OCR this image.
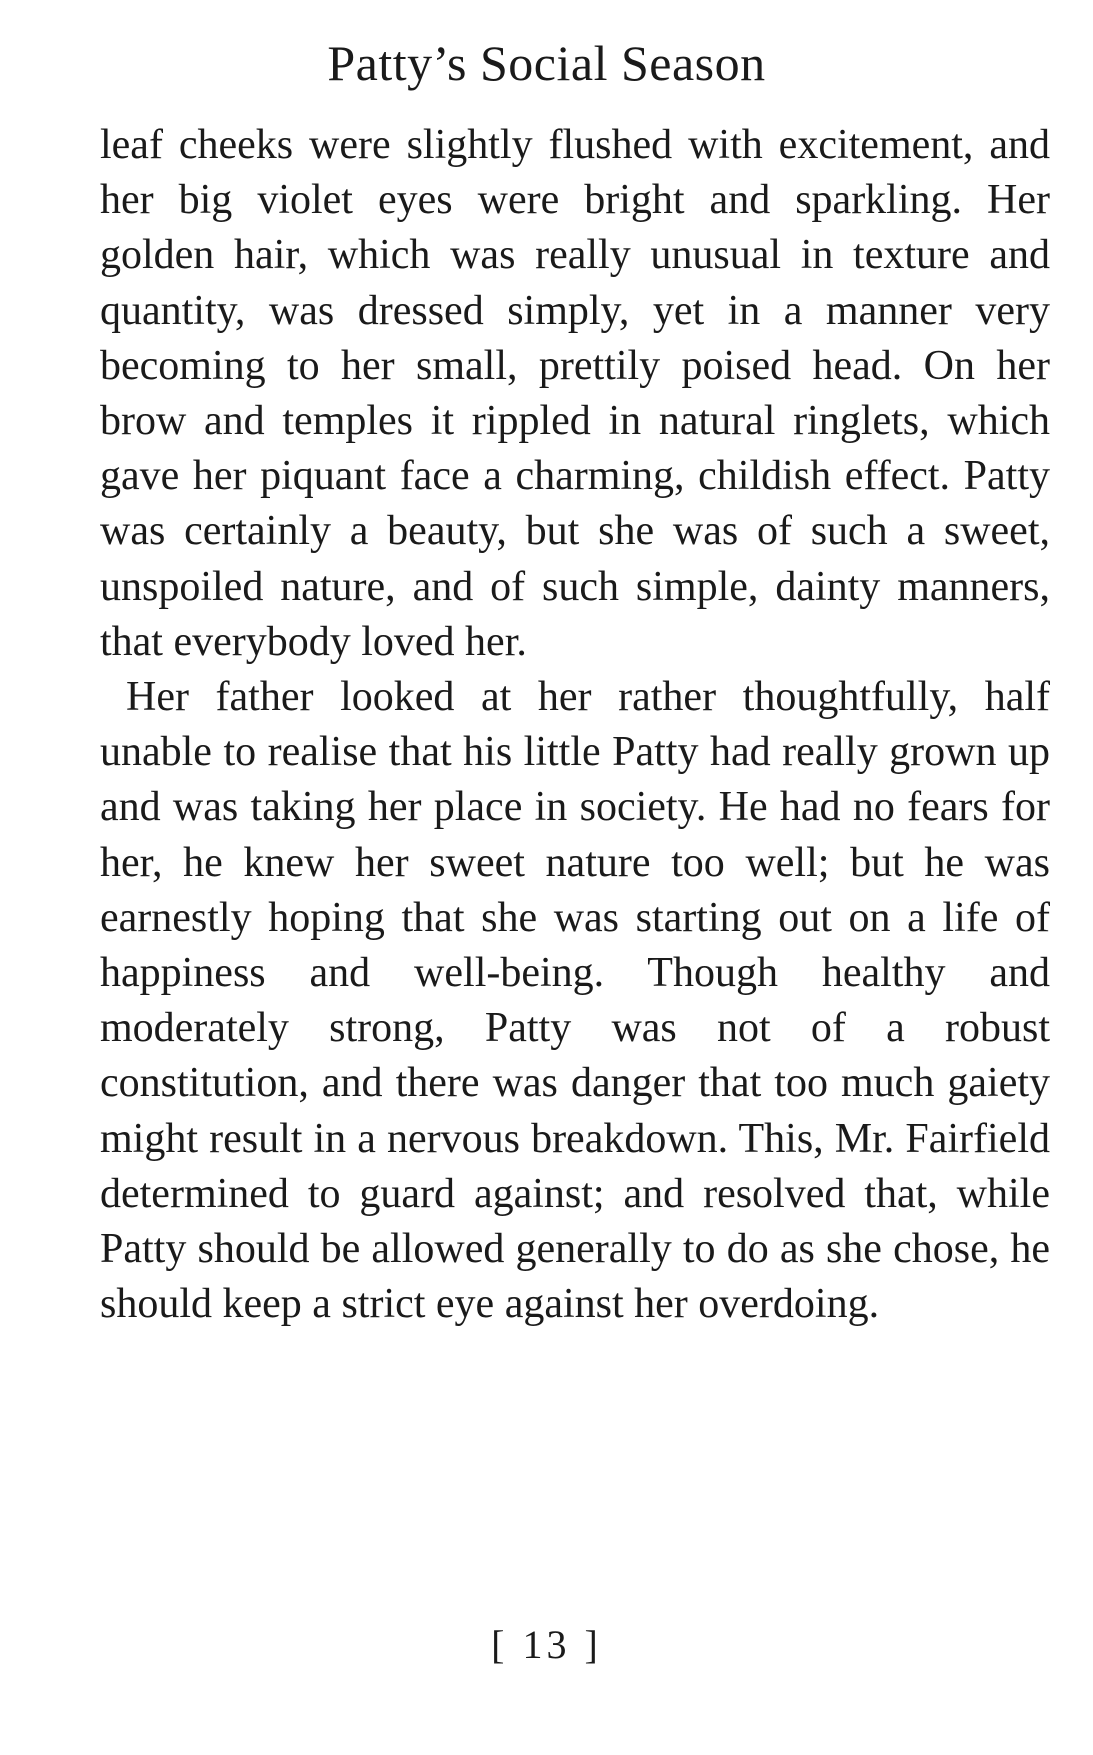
Patty’s Social Season

leaf cheeks were slightly flushed with excitement, and her big violet eyes were bright and sparkling. Her golden hair, which was really unusual in texture and quantity, was dressed simply, yet in a manner very becoming to her small, prettily poised head. On her brow and temples it rippled in natural ringlets, which gave her piquant face a charming, childish effect. Patty was certainly a beauty, but she was of such a sweet, unspoiled nature, and of such simple, dainty manners, that everybody loved her.

Her father looked at her rather thoughtfully, half unable to realise that his little Patty had really grown up and was taking her place in society. He had no fears for her, he knew her sweet nature too well; but he was earnestly hoping that she was starting out on a life of happiness and well-being. Though healthy and moderately strong, Patty was not of a robust constitution, and there was danger that too much gaiety might result in a nervous breakdown. This, Mr. Fairfield determined to guard against; and resolved that, while Patty should be allowed generally to do as she chose, he should keep a strict eye against her overdoing.

[ 13 ]
